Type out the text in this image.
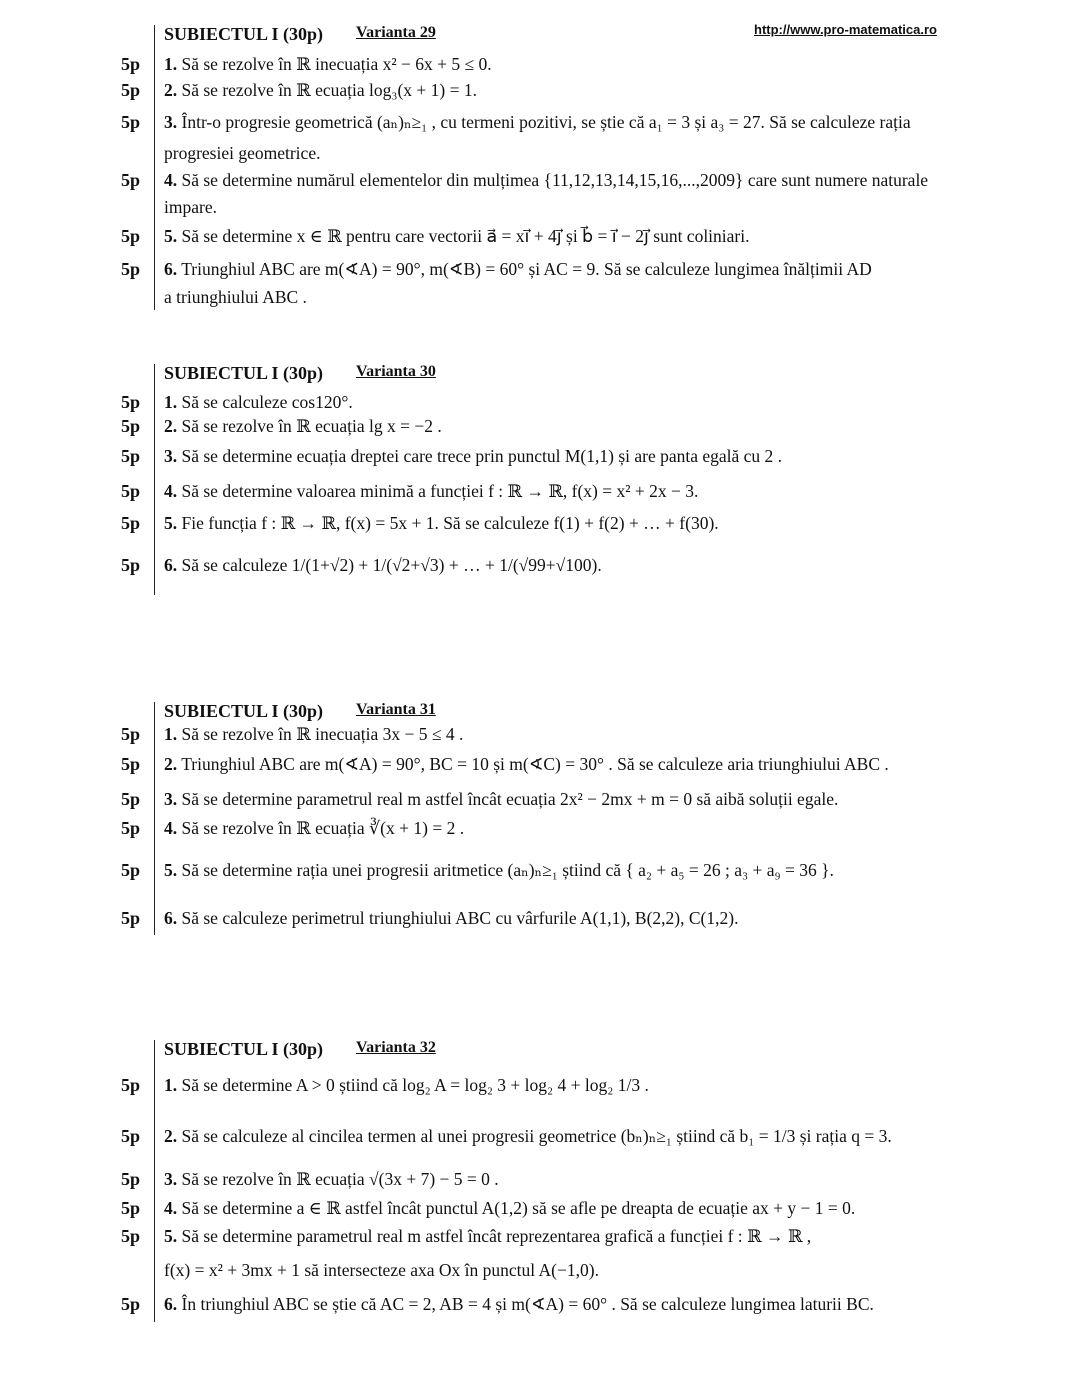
http://www.pro-matematica.ro
SUBIECTUL I (30p) Varianta 29
5p 1. Să se rezolve în ℝ inecuația x² − 6x + 5 ≤ 0.
5p 2. Să se rezolve în ℝ ecuația log₃(x + 1) = 1.
5p 3. Într-o progresie geometrică (aₙ)ₙ≥₁ , cu termeni pozitivi, se știe că a₁ = 3 și a₃ = 27. Să se calculeze rația
progresiei geometrice.
5p 4. Să se determine numărul elementelor din mulțimea {11,12,13,14,15,16,...,2009} care sunt numere naturale
impare.
5p 5. Să se determine x ∈ ℝ pentru care vectorii a⃗ = xi⃗ + 4j⃗ și b⃗ = i⃗ − 2j⃗ sunt coliniari.
5p 6. Triunghiul ABC are m(∢A) = 90°, m(∢B) = 60° și AC = 9. Să se calculeze lungimea înălțimii AD
a triunghiului ABC .
SUBIECTUL I (30p) Varianta 30
5p 1. Să se calculeze cos120°.
5p 2. Să se rezolve în ℝ ecuația lg x = −2 .
5p 3. Să se determine ecuația dreptei care trece prin punctul M(1,1) și are panta egală cu 2 .
5p 4. Să se determine valoarea minimă a funcției f : ℝ → ℝ, f(x) = x² + 2x − 3.
5p 5. Fie funcția f : ℝ → ℝ, f(x) = 5x + 1. Să se calculeze f(1) + f(2) + … + f(30).
5p 6. Să se calculeze 1/(1+√2) + 1/(√2+√3) + … + 1/(√99+√100).
SUBIECTUL I (30p) Varianta 31
5p 1. Să se rezolve în ℝ inecuația 3x − 5 ≤ 4 .
5p 2. Triunghiul ABC are m(∢A) = 90°, BC = 10 și m(∢C) = 30° . Să se calculeze aria triunghiului ABC .
5p 3. Să se determine parametrul real m astfel încât ecuația 2x² − 2mx + m = 0 să aibă soluții egale.
5p 4. Să se rezolve în ℝ ecuația ∛(x + 1) = 2 .
5p 5. Să se determine rația unei progresii aritmetice (aₙ)ₙ≥₁ știind că { a₂ + a₅ = 26 ; a₃ + a₉ = 36 }.
5p 6. Să se calculeze perimetrul triunghiului ABC cu vârfurile A(1,1), B(2,2), C(1,2).
SUBIECTUL I (30p) Varianta 32
5p 1. Să se determine A > 0 știind că log₂ A = log₂ 3 + log₂ 4 + log₂ 1/3 .
5p 2. Să se calculeze al cincilea termen al unei progresii geometrice (bₙ)ₙ≥₁ știind că b₁ = 1/3 și rația q = 3.
5p 3. Să se rezolve în ℝ ecuația √(3x + 7) − 5 = 0 .
5p 4. Să se determine a ∈ ℝ astfel încât punctul A(1,2) să se afle pe dreapta de ecuație ax + y − 1 = 0.
5p 5. Să se determine parametrul real m astfel încât reprezentarea grafică a funcției f : ℝ → ℝ ,
f(x) = x² + 3mx + 1 să intersecteze axa Ox în punctul A(−1,0).
5p 6. În triunghiul ABC se știe că AC = 2, AB = 4 și m(∢A) = 60° . Să se calculeze lungimea laturii BC.
